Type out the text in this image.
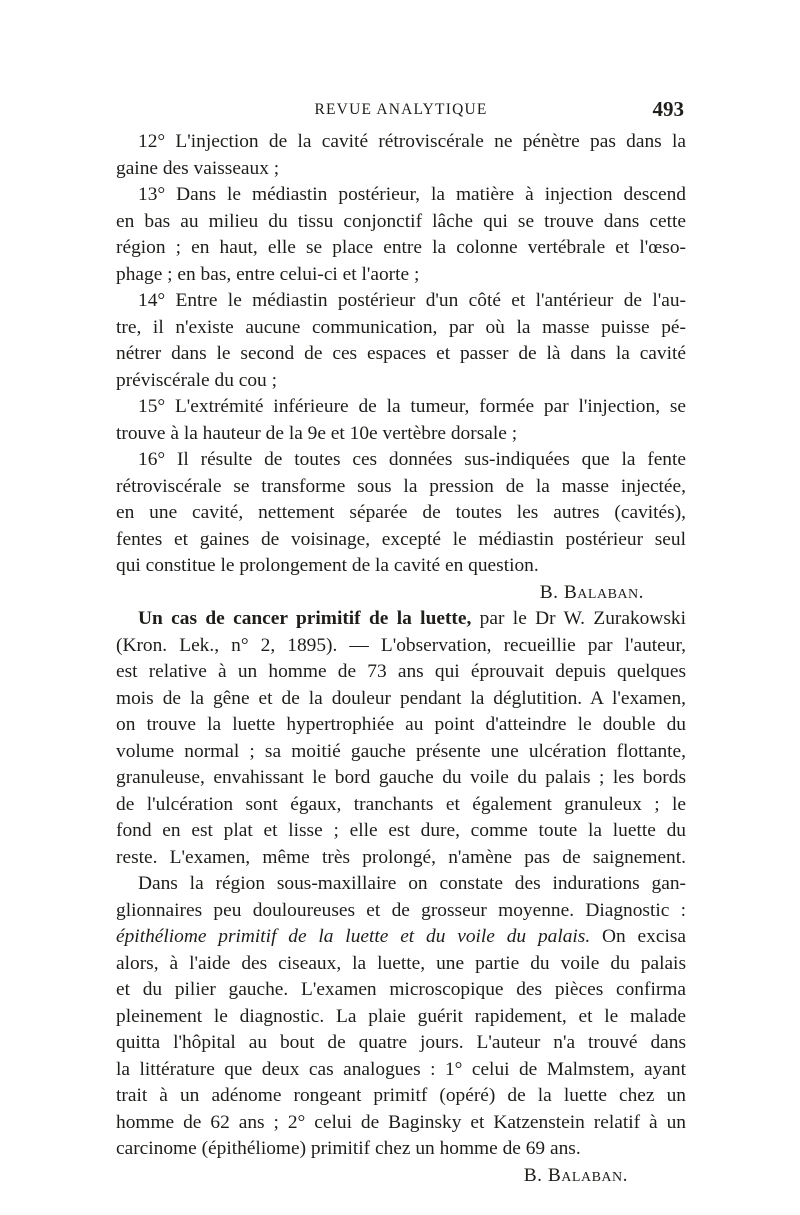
REVUE ANALYTIQUE	493
12° L'injection de la cavité rétroviscérale ne pénètre pas dans la
gaine des vaisseaux ;
13° Dans le médiastin postérieur, la matière à injection descend
en bas au milieu du tissu conjonctif lâche qui se trouve dans cette
région ; en haut, elle se place entre la colonne vertébrale et l'œso-
phage ; en bas, entre celui-ci et l'aorte ;
14° Entre le médiastin postérieur d'un côté et l'antérieur de l'au-
tre, il n'existe aucune communication, par où la masse puisse pé-
nétrer dans le second de ces espaces et passer de là dans la cavité
préviscérale du cou ;
15° L'extrémité inférieure de la tumeur, formée par l'injection, se
trouve à la hauteur de la 9e et 10e vertèbre dorsale ;
16° Il résulte de toutes ces données sus-indiquées que la fente
rétroviscérale se transforme sous la pression de la masse injectée,
en une cavité, nettement séparée de toutes les autres (cavités),
fentes et gaines de voisinage, excepté le médiastin postérieur seul
qui constitue le prolongement de la cavité en question.
B. Balaban.
Un cas de cancer primitif de la luette, par le Dr W. Zurakowski
(Kron. Lek., n° 2, 1895). — L'observation, recueillie par l'auteur,
est relative à un homme de 73 ans qui éprouvait depuis quelques
mois de la gêne et de la douleur pendant la déglutition. A l'examen,
on trouve la luette hypertrophiée au point d'atteindre le double du
volume normal ; sa moitié gauche présente une ulcération flottante,
granuleuse, envahissant le bord gauche du voile du palais ; les bords
de l'ulcération sont égaux, tranchants et également granuleux ; le
fond en est plat et lisse ; elle est dure, comme toute la luette du
reste. L'examen, même très prolongé, n'amène pas de saignement.
Dans la région sous-maxillaire on constate des indurations gan-
glionnaires peu douloureuses et de grosseur moyenne. Diagnostic :
épithéliome primitif de la luette et du voile du palais. On excisa
alors, à l'aide des ciseaux, la luette, une partie du voile du palais
et du pilier gauche. L'examen microscopique des pièces confirma
pleinement le diagnostic. La plaie guérit rapidement, et le malade
quitta l'hôpital au bout de quatre jours. L'auteur n'a trouvé dans
la littérature que deux cas analogues : 1° celui de Malmstem, ayant
trait à un adénome rongeant primitf (opéré) de la luette chez un
homme de 62 ans ; 2° celui de Baginsky et Katzenstein relatif à un
carcinome (épithéliome) primitif chez un homme de 69 ans.
B. Balaban.
